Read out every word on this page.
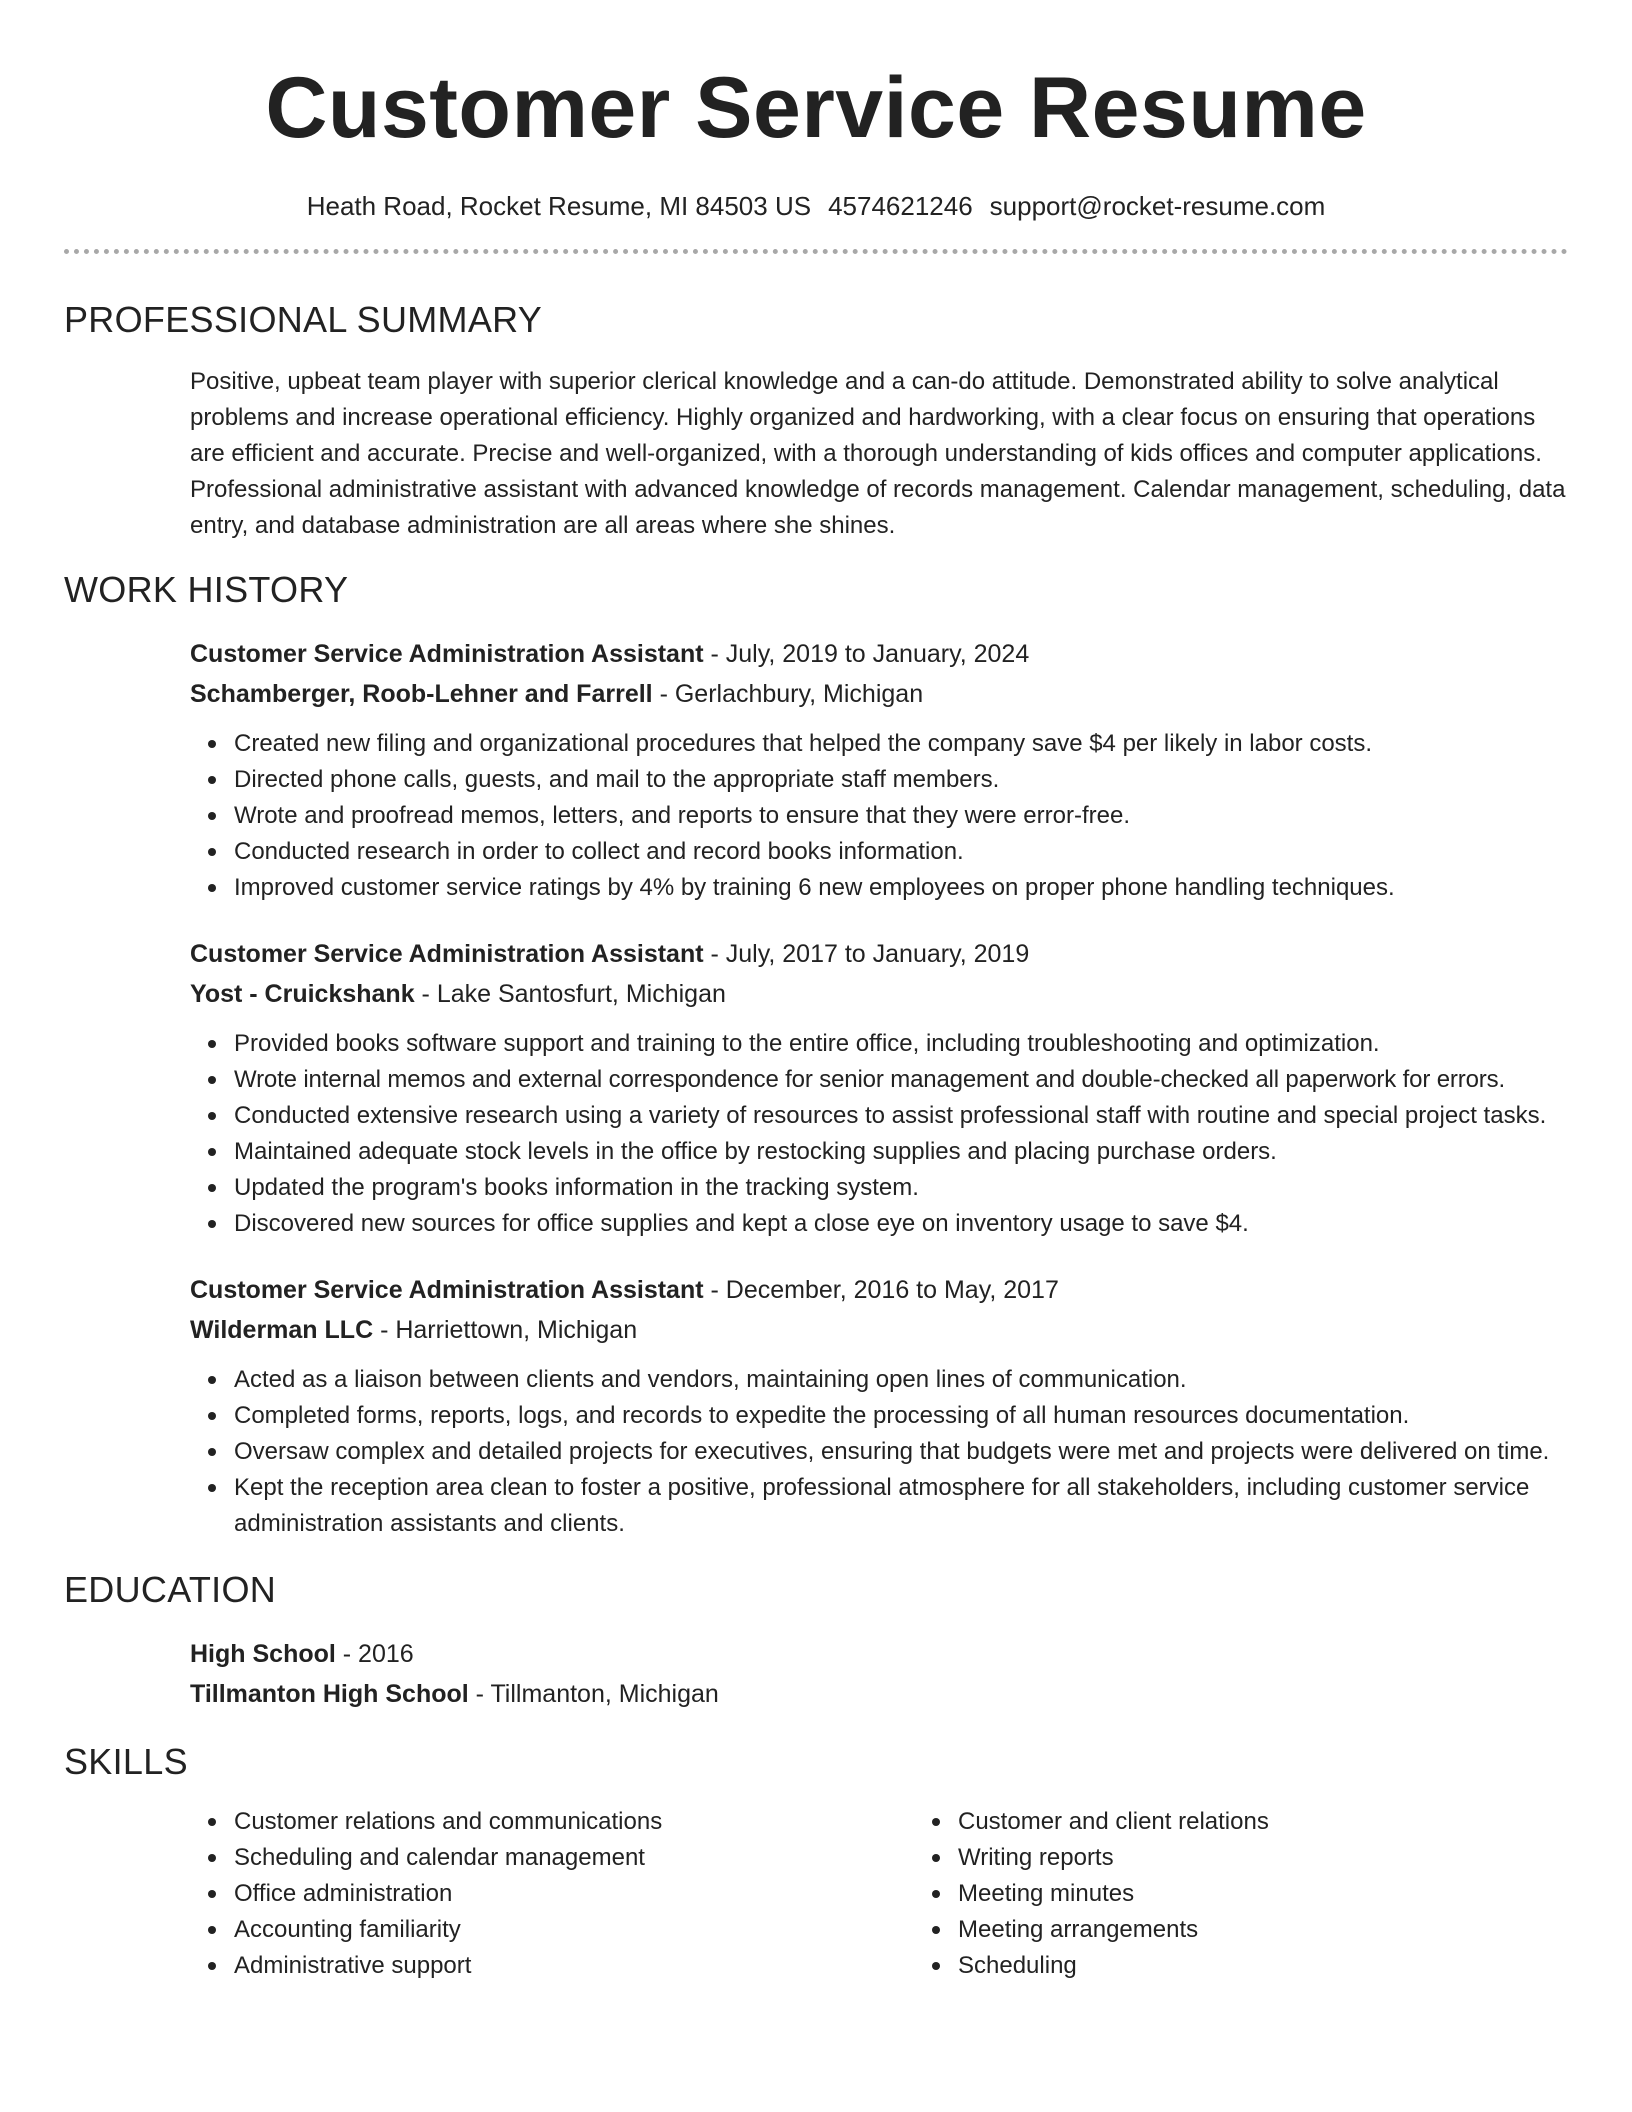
Customer Service Resume
Heath Road, Rocket Resume, MI 84503 US 4574621246 support@rocket-resume.com
PROFESSIONAL SUMMARY
Positive, upbeat team player with superior clerical knowledge and a can-do attitude. Demonstrated ability to solve analytical problems and increase operational efficiency. Highly organized and hardworking, with a clear focus on ensuring that operations are efficient and accurate. Precise and well-organized, with a thorough understanding of kids offices and computer applications. Professional administrative assistant with advanced knowledge of records management. Calendar management, scheduling, data entry, and database administration are all areas where she shines.
WORK HISTORY
Customer Service Administration Assistant - July, 2019 to January, 2024
Schamberger, Roob-Lehner and Farrell - Gerlachbury, Michigan
Created new filing and organizational procedures that helped the company save $4 per likely in labor costs.
Directed phone calls, guests, and mail to the appropriate staff members.
Wrote and proofread memos, letters, and reports to ensure that they were error-free.
Conducted research in order to collect and record books information.
Improved customer service ratings by 4% by training 6 new employees on proper phone handling techniques.
Customer Service Administration Assistant - July, 2017 to January, 2019
Yost - Cruickshank - Lake Santosfurt, Michigan
Provided books software support and training to the entire office, including troubleshooting and optimization.
Wrote internal memos and external correspondence for senior management and double-checked all paperwork for errors.
Conducted extensive research using a variety of resources to assist professional staff with routine and special project tasks.
Maintained adequate stock levels in the office by restocking supplies and placing purchase orders.
Updated the program's books information in the tracking system.
Discovered new sources for office supplies and kept a close eye on inventory usage to save $4.
Customer Service Administration Assistant - December, 2016 to May, 2017
Wilderman LLC - Harriettown, Michigan
Acted as a liaison between clients and vendors, maintaining open lines of communication.
Completed forms, reports, logs, and records to expedite the processing of all human resources documentation.
Oversaw complex and detailed projects for executives, ensuring that budgets were met and projects were delivered on time.
Kept the reception area clean to foster a positive, professional atmosphere for all stakeholders, including customer service administration assistants and clients.
EDUCATION
High School - 2016
Tillmanton High School - Tillmanton, Michigan
SKILLS
Customer relations and communications
Scheduling and calendar management
Office administration
Accounting familiarity
Administrative support
Customer and client relations
Writing reports
Meeting minutes
Meeting arrangements
Scheduling
